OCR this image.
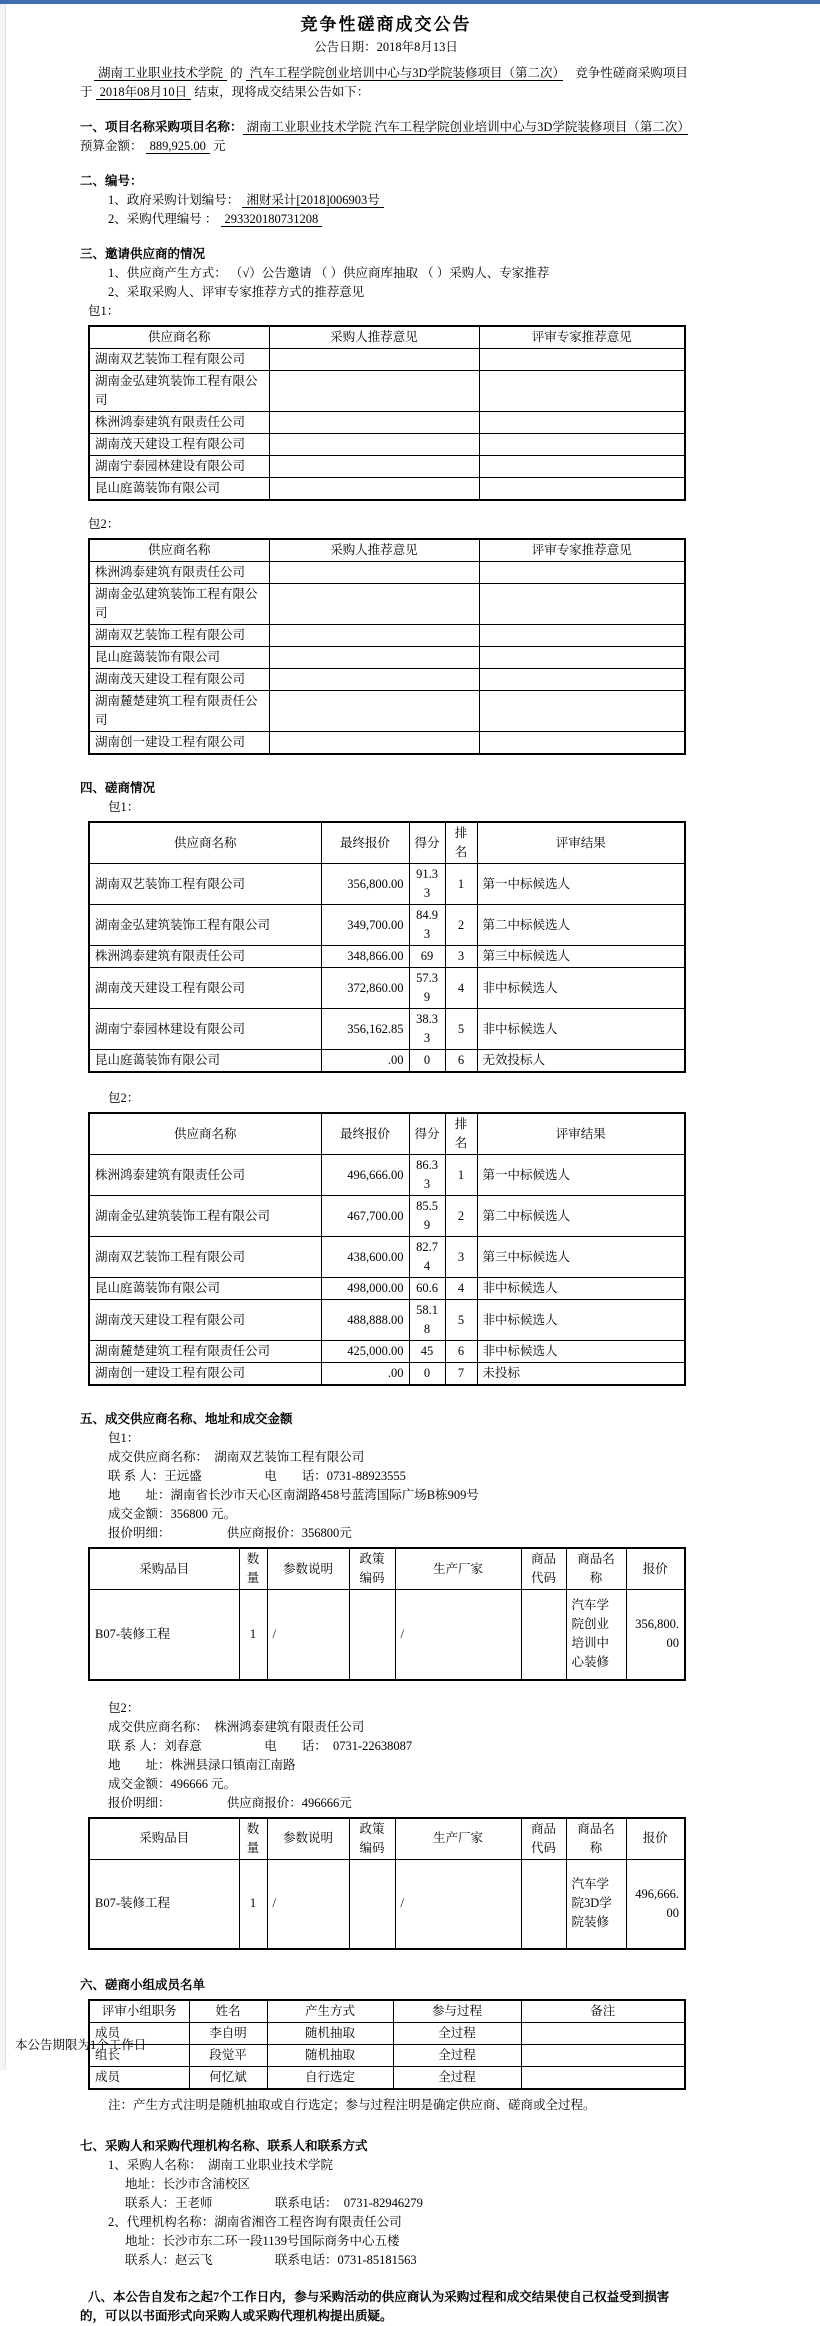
竞争性磋商成交公告
公告日期：2018年8月13日
湖南工业职业技术学院 的 汽车工程学院创业培训中心与3D学院装修项目（第二次）　竞争性磋商采购项目于 2018年08月10日 结束，现将成交结果公告如下：
一、项目名称采购项目名称： 湖南工业职业技术学院 汽车工程学院创业培训中心与3D学院装修项目（第二次）　　预算金额： 889,925.00 元
二、编号：
1、政府采购计划编号： 湘财采计[2018]006903号
2、采购代理编号 ： 293320180731208
三、邀请供应商的情况
1、供应商产生方式： （√）公告邀请 （ ）供应商库抽取 （ ）采购人、专家推荐
2、采取采购人、评审专家推荐方式的推荐意见
包1：
供应商名称	采购人推荐意见	评审专家推荐意见
湖南双艺装饰工程有限公司		
湖南金弘建筑装饰工程有限公司		
株洲鸿泰建筑有限责任公司		
湖南茂天建设工程有限公司		
湖南宁泰园林建设有限公司		
昆山庭蔼装饰有限公司		
包2：
供应商名称	采购人推荐意见	评审专家推荐意见
株洲鸿泰建筑有限责任公司		
湖南金弘建筑装饰工程有限公司		
湖南双艺装饰工程有限公司		
昆山庭蔼装饰有限公司		
湖南茂天建设工程有限公司		
湖南麓楚建筑工程有限责任公司		
湖南创一建设工程有限公司		
四、磋商情况
包1：
供应商名称	最终报价	得分	排名	评审结果
湖南双艺装饰工程有限公司	356,800.00	91.33	1	第一中标候选人
湖南金弘建筑装饰工程有限公司	349,700.00	84.93	2	第二中标候选人
株洲鸿泰建筑有限责任公司	348,866.00	69	3	第三中标候选人
湖南茂天建设工程有限公司	372,860.00	57.39	4	非中标候选人
湖南宁泰园林建设有限公司	356,162.85	38.33	5	非中标候选人
昆山庭蔼装饰有限公司	.00	0	6	无效投标人
包2：
供应商名称	最终报价	得分	排名	评审结果
株洲鸿泰建筑有限责任公司	496,666.00	86.33	1	第一中标候选人
湖南金弘建筑装饰工程有限公司	467,700.00	85.59	2	第二中标候选人
湖南双艺装饰工程有限公司	438,600.00	82.74	3	第三中标候选人
昆山庭蔼装饰有限公司	498,000.00	60.6	4	非中标候选人
湖南茂天建设工程有限公司	488,888.00	58.18	5	非中标候选人
湖南麓楚建筑工程有限责任公司	425,000.00	45	6	非中标候选人
湖南创一建设工程有限公司	.00	0	7	未投标
五、成交供应商名称、地址和成交金额
包1：
成交供应商名称：　湖南双艺装饰工程有限公司
联 系 人：王远盛　　　　　电　　话：0731-88923555
地　　址：湖南省长沙市天心区南湖路458号蓝湾国际广场B栋909号
成交金额：356800 元。
报价明细：　　　　　供应商报价：356800元
采购品目	数量	参数说明	政策编码	生产厂家	商品代码	商品名称	报价
B07-装修工程	1	/		/		汽车学院创业培训中心装修	356,800.00
包2：
成交供应商名称：　株洲鸿泰建筑有限责任公司
联 系 人：刘春意　　　　　电　　话：　0731-22638087
地　　址：株洲县渌口镇南江南路
成交金额：496666 元。
报价明细：　　　　　供应商报价：496666元
采购品目	数量	参数说明	政策编码	生产厂家	商品代码	商品名称	报价
B07-装修工程	1	/		/		汽车学院3D学院装修	496,666.00
六、磋商小组成员名单
评审小组职务	姓名	产生方式	参与过程	备注
成员	李自明	随机抽取	全过程	
组长	段觉平	随机抽取	全过程	
成员	何忆斌	自行选定	全过程	
注：产生方式注明是随机抽取或自行选定；参与过程注明是确定供应商、磋商或全过程。
七、采购人和采购代理机构名称、联系人和联系方式
1、采购人名称：　湖南工业职业技术学院
地址：长沙市含浦校区
联系人：王老师　　　　　联系电话：　0731-82946279
2、代理机构名称：湖南省湘咨工程咨询有限责任公司
地址：长沙市东二环一段1139号国际商务中心五楼
联系人：赵云飞　　　　　联系电话：0731-85181563
八、本公告自发布之起7个工作日内，参与采购活动的供应商认为采购过程和成交结果使自己权益受到损害的，可以以书面形式向采购人或采购代理机构提出质疑。
本公告期限为1个工作日
